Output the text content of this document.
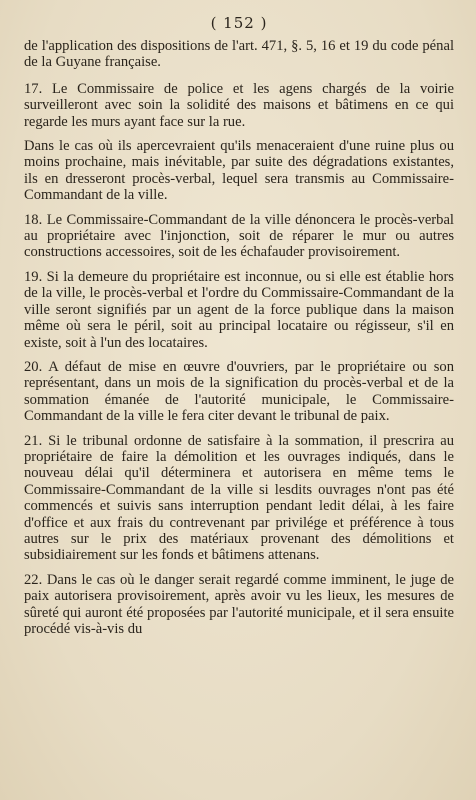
( 152 )

de l'application des dispositions de l'art. 471, §. 5, 16 et 19 du code pénal de la Guyane française.

17. Le Commissaire de police et les agens chargés de la voirie surveilleront avec soin la solidité des maisons et bâtimens en ce qui regarde les murs ayant face sur la rue.

Dans le cas où ils apercevraient qu'ils menaceraient d'une ruine plus ou moins prochaine, mais inévitable, par suite des dégradations existantes, ils en dresseront procès-verbal, lequel sera transmis au Commissaire-Commandant de la ville.

18. Le Commissaire-Commandant de la ville dénoncera le procès-verbal au propriétaire avec l'injonction, soit de réparer le mur ou autres constructions accessoires, soit de les échafauder provisoirement.

19. Si la demeure du propriétaire est inconnue, ou si elle est établie hors de la ville, le procès-verbal et l'ordre du Commissaire-Commandant de la ville seront signifiés par un agent de la force publique dans la maison même où sera le péril, soit au principal locataire ou régisseur, s'il en existe, soit à l'un des locataires.

20. A défaut de mise en œuvre d'ouvriers, par le propriétaire ou son représentant, dans un mois de la signification du procès-verbal et de la sommation émanée de l'autorité municipale, le Commissaire-Commandant de la ville le fera citer devant le tribunal de paix.

21. Si le tribunal ordonne de satisfaire à la sommation, il prescrira au propriétaire de faire la démolition et les ouvrages indiqués, dans le nouveau délai qu'il déterminera et autorisera en même tems le Commissaire-Commandant de la ville si lesdits ouvrages n'ont pas été commencés et suivis sans interruption pendant ledit délai, à les faire d'office et aux frais du contrevenant par privilége et préférence à tous autres sur le prix des matériaux provenant des démolitions et subsidiairement sur les fonds et bâtimens attenans.

22. Dans le cas où le danger serait regardé comme imminent, le juge de paix autorisera provisoirement, après avoir vu les lieux, les mesures de sûreté qui auront été proposées par l'autorité municipale, et il sera ensuite procédé vis-à-vis du
